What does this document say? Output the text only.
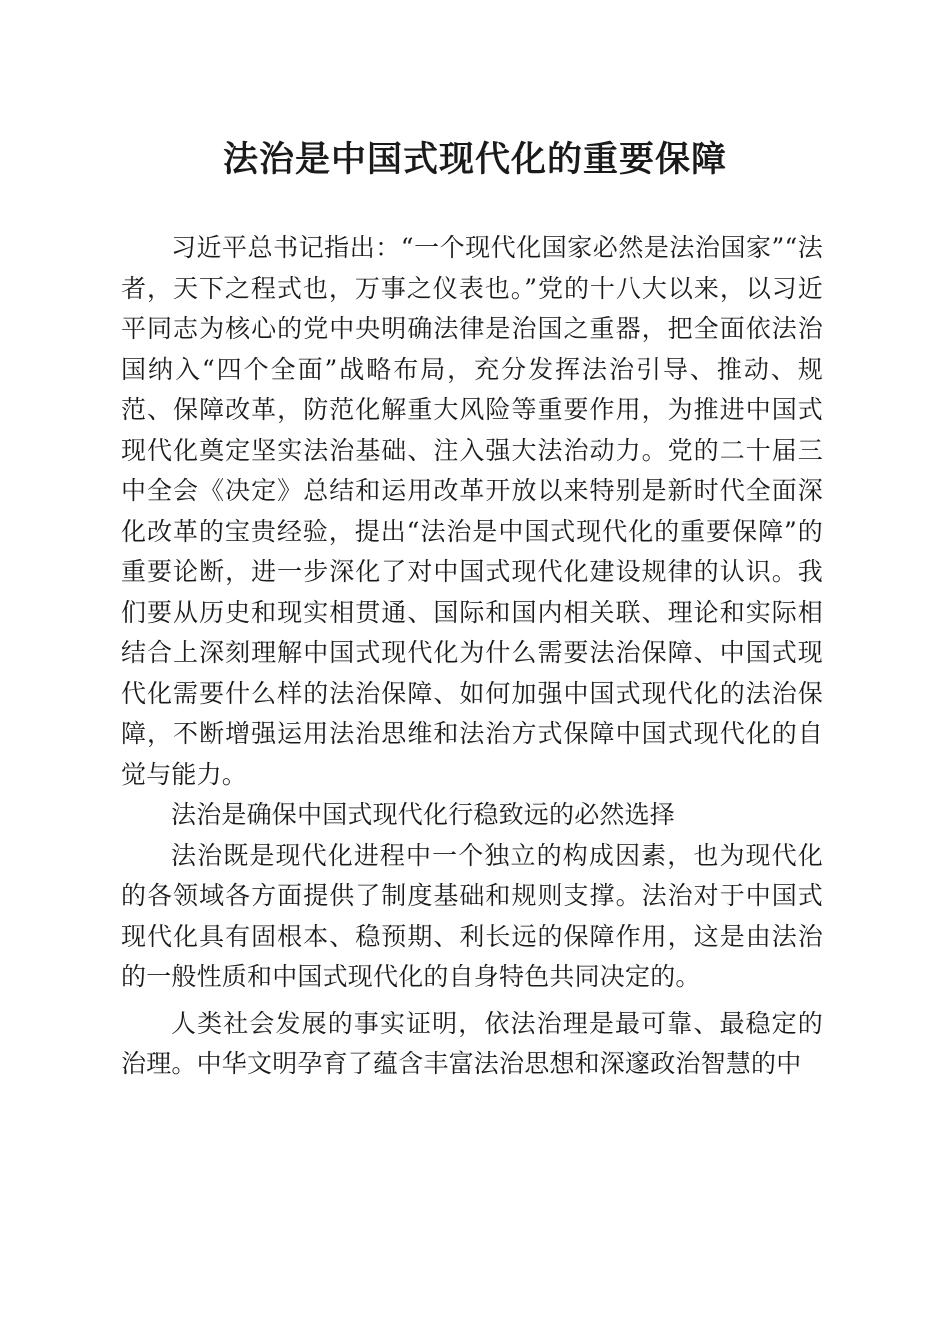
法治是中国式现代化的重要保障

习近平总书记指出：“一个现代化国家必然是法治国家”“法者，天下之程式也，万事之仪表也。”党的十八大以来，以习近平同志为核心的党中央明确法律是治国之重器，把全面依法治国纳入“四个全面”战略布局，充分发挥法治引导、推动、规范、保障改革，防范化解重大风险等重要作用，为推进中国式现代化奠定坚实法治基础、注入强大法治动力。党的二十届三中全会《决定》总结和运用改革开放以来特别是新时代全面深化改革的宝贵经验，提出“法治是中国式现代化的重要保障”的重要论断，进一步深化了对中国式现代化建设规律的认识。我们要从历史和现实相贯通、国际和国内相关联、理论和实际相结合上深刻理解中国式现代化为什么需要法治保障、中国式现代化需要什么样的法治保障、如何加强中国式现代化的法治保障，不断增强运用法治思维和法治方式保障中国式现代化的自觉与能力。

法治是确保中国式现代化行稳致远的必然选择

法治既是现代化进程中一个独立的构成因素，也为现代化的各领域各方面提供了制度基础和规则支撑。法治对于中国式现代化具有固根本、稳预期、利长远的保障作用，这是由法治的一般性质和中国式现代化的自身特色共同决定的。

人类社会发展的事实证明，依法治理是最可靠、最稳定的治理。中华文明孕育了蕴含丰富法治思想和深邃政治智慧的中
